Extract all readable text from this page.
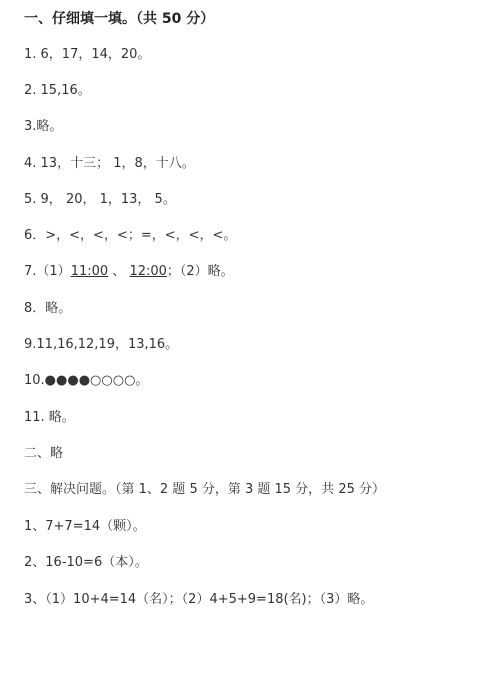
一、仔细填一填。（共 50 分）
1. 6，17，14，20。
2. 15,16。
3.略。
4. 13，十三； 1，8，十八。
5. 9， 20， 1，13， 5。
6．>，<，<，<；=，<，<，<。
7.（1）11:00 、 12:00；（2）略。
8．略。
9.11,16,12,19，13,16。
10.●●●●○○○○。
11. 略。
二、略
三、解决问题。（第 1、2 题 5 分，第 3 题 15 分，共 25 分）
1、7+7=14（颗）。
2、16-10=6（本）。
3、（1）10+4=14（名）；（2）4+5+9=18(名)；（3）略。
